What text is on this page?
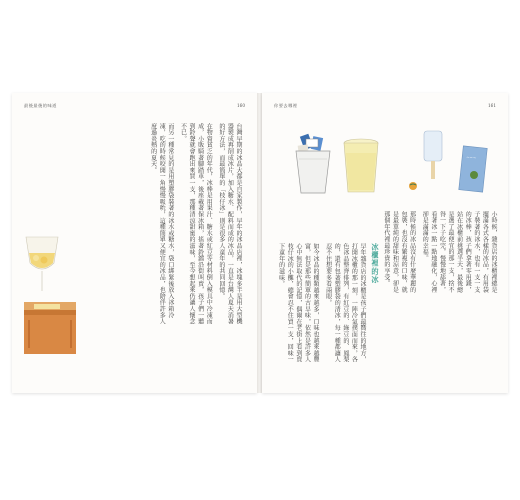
最後最後的味道	160

台灣早期的冰品大都是自家製作，早年的冰品店裡，冰塊多半是用大型機器製成再削成冰片，加入糖水、配料而成的冰品，一直是台灣人夏天消暑的好方法，而最簡單的「枝仔冰」則是很多人童年的共同回憶。

在物資貧乏的年代，冰棒是用果汁、糖水或紅豆等材料倒入模具中冷凍而成，小販騎著腳踏車，後座載著保冰箱，搖著鈴鐺沿街叫賣，孩子們一聽到鈴聲就會跑出來買一支，那種清涼甜蜜的滋味，至今想起來仍讓人懷念不已。

而另一種常見的是用塑膠袋裝著的冰水或糖水，袋口綁緊後放入冰箱冷凍，吃的時候咬開一角慢慢吸吮，這種簡單又便宜的冰品，也陪伴許多人度過炎熱的夏天。

你要去哪裡	161
~~~

小時候，雜貨店的冰櫃裡總是擺滿各式各樣的冰品，有用袋子裝著的冰水，也有一支一支的冰棒，孩子們拿著零用錢，站在冰櫃前挑選半天，最後總是選了最便宜的那一支，捨不得一下子吃完，慢慢地舔著，看著冰一點一點地融化，心裡卻是滿滿的幸福。

那時候的冰品沒有什麼華麗的包裝，也沒有繁複的口味，就是最單純的甜味和涼意，卻是那個年代裡最珍貴的享受。

冰櫃裡的冰

早年雜貨店的冰櫃是孩子們最嚮往的地方，打開冰櫃的那一刻，一陣冷氣撲面而來，各色冰品整齊排列，有紅豆的、綠豆的、鳳梨的，還有包著塑膠袋的清冰，每一種都讓人忍不住想要多看兩眼。

如今冰品的種類越來越多，口味也越來越豐富，但是那些簡單的古早味，依然是許多人心中無法取代的記憶，偶爾在老街上看到賣枝仔冰的小攤，總會忍不住買一支，回味一下童年的滋味。
